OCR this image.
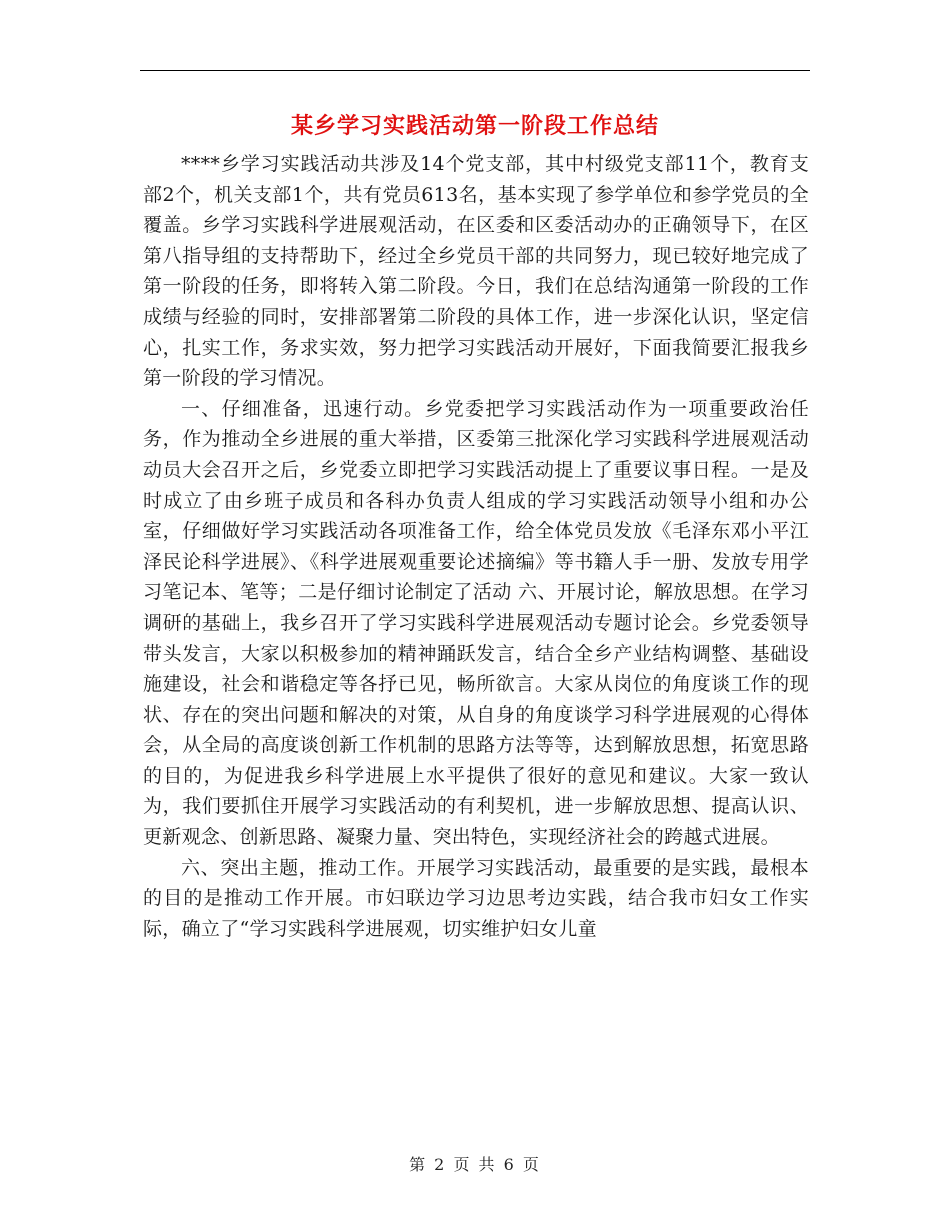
某乡学习实践活动第一阶段工作总结

****乡学习实践活动共涉及14个党支部，其中村级党支部11个，教育支部2个，机关支部1个，共有党员613名，基本实现了参学单位和参学党员的全覆盖。乡学习实践科学进展观活动，在区委和区委活动办的正确领导下，在区第八指导组的支持帮助下，经过全乡党员干部的共同努力，现已较好地完成了第一阶段的任务，即将转入第二阶段。今日，我们在总结沟通第一阶段的工作成绩与经验的同时，安排部署第二阶段的具体工作，进一步深化认识，坚定信心，扎实工作，务求实效，努力把学习实践活动开展好，下面我简要汇报我乡第一阶段的学习情况。

一、仔细准备，迅速行动。乡党委把学习实践活动作为一项重要政治任务，作为推动全乡进展的重大举措，区委第三批深化学习实践科学进展观活动动员大会召开之后，乡党委立即把学习实践活动提上了重要议事日程。一是及时成立了由乡班子成员和各科办负责人组成的学习实践活动领导小组和办公室，仔细做好学习实践活动各项准备工作，给全体党员发放《毛泽东邓小平江泽民论科学进展》、《科学进展观重要论述摘编》等书籍人手一册、发放专用学习笔记本、笔等；二是仔细讨论制定了活动 六、开展讨论，解放思想。在学习调研的基础上，我乡召开了学习实践科学进展观活动专题讨论会。乡党委领导带头发言，大家以积极参加的精神踊跃发言，结合全乡产业结构调整、基础设施建设，社会和谐稳定等各抒已见，畅所欲言。大家从岗位的角度谈工作的现状、存在的突出问题和解决的对策，从自身的角度谈学习科学进展观的心得体会，从全局的高度谈创新工作机制的思路方法等等，达到解放思想，拓宽思路的目的，为促进我乡科学进展上水平提供了很好的意见和建议。大家一致认为，我们要抓住开展学习实践活动的有利契机，进一步解放思想、提高认识、更新观念、创新思路、凝聚力量、突出特色，实现经济社会的跨越式进展。

六、突出主题，推动工作。开展学习实践活动，最重要的是实践，最根本的目的是推动工作开展。市妇联边学习边思考边实践，结合我市妇女工作实际，确立了“学习实践科学进展观，切实维护妇女儿童

第 2 页 共 6 页
